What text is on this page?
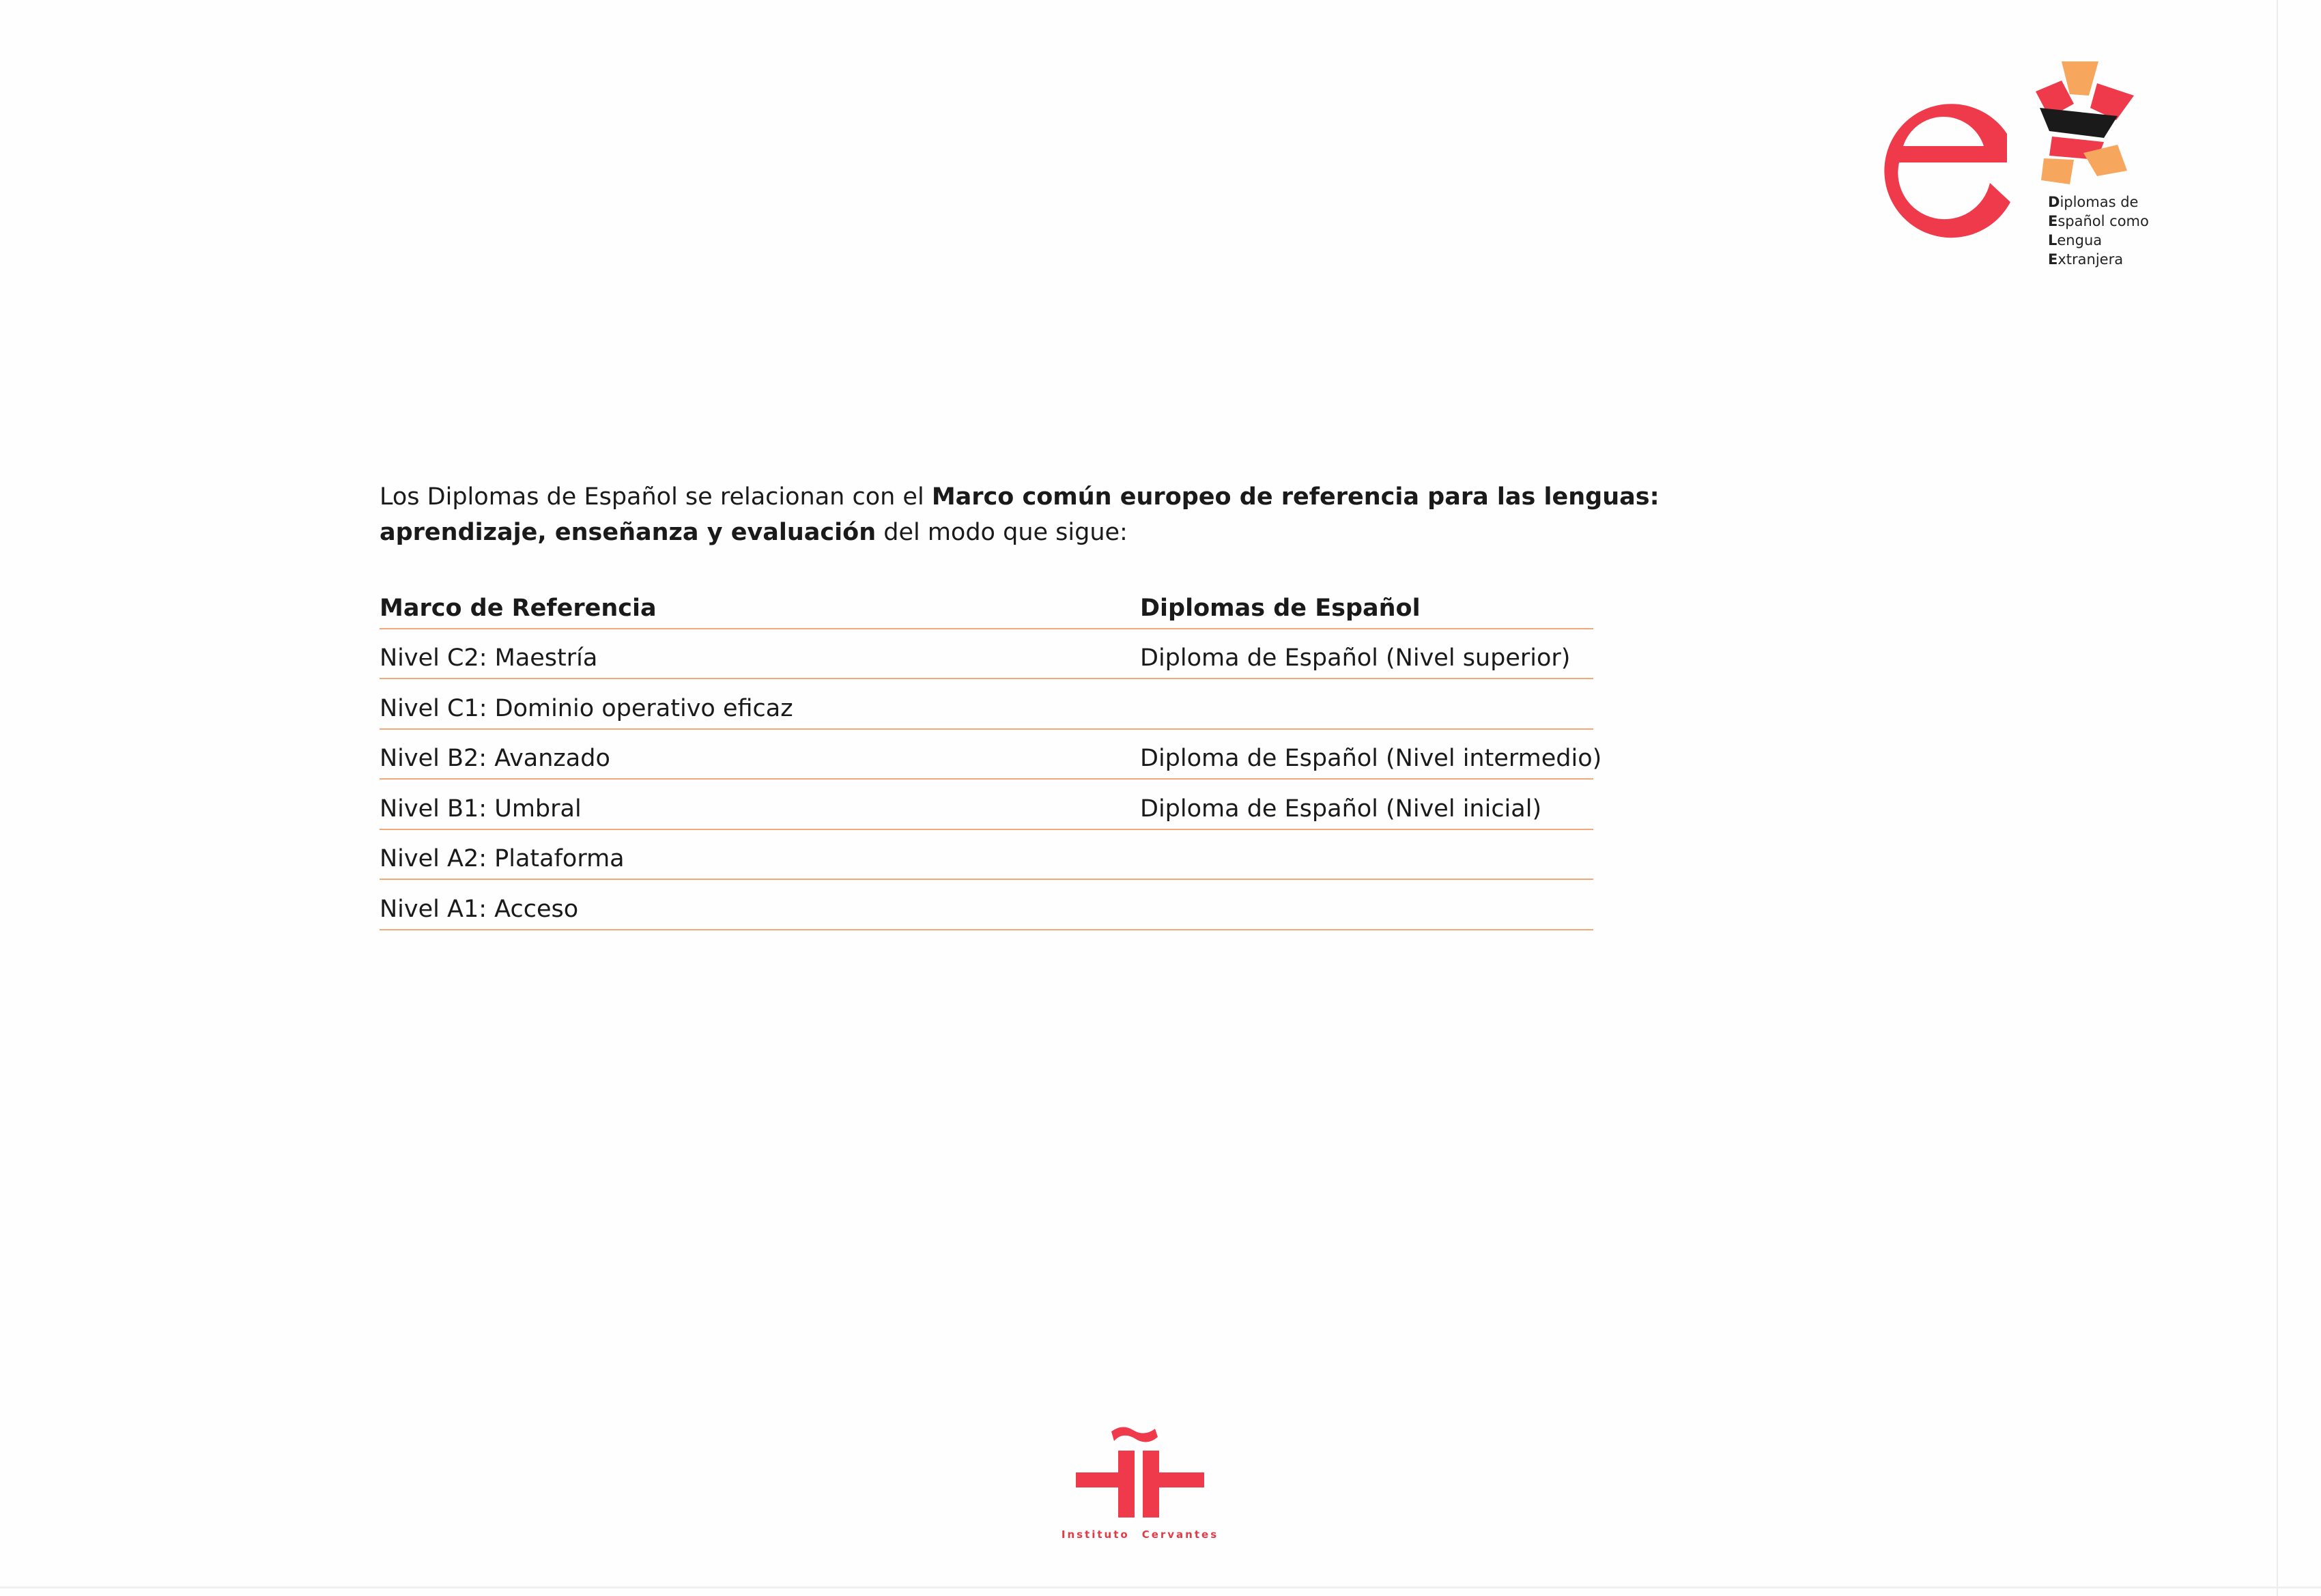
Diplomas de
Español como
Lengua
Extranjera
Los Diplomas de Español se relacionan con el Marco común europeo de referencia para las lenguas:
aprendizaje, enseñanza y evaluación del modo que sigue:
Marco de Referencia	Diplomas de Español
Nivel C2: Maestría	Diploma de Español (Nivel superior)
Nivel C1: Dominio operativo eficaz
Nivel B2: Avanzado	Diploma de Español (Nivel intermedio)
Nivel B1: Umbral	Diploma de Español (Nivel inicial)
Nivel A2: Plataforma
Nivel A1: Acceso
Instituto Cervantes
